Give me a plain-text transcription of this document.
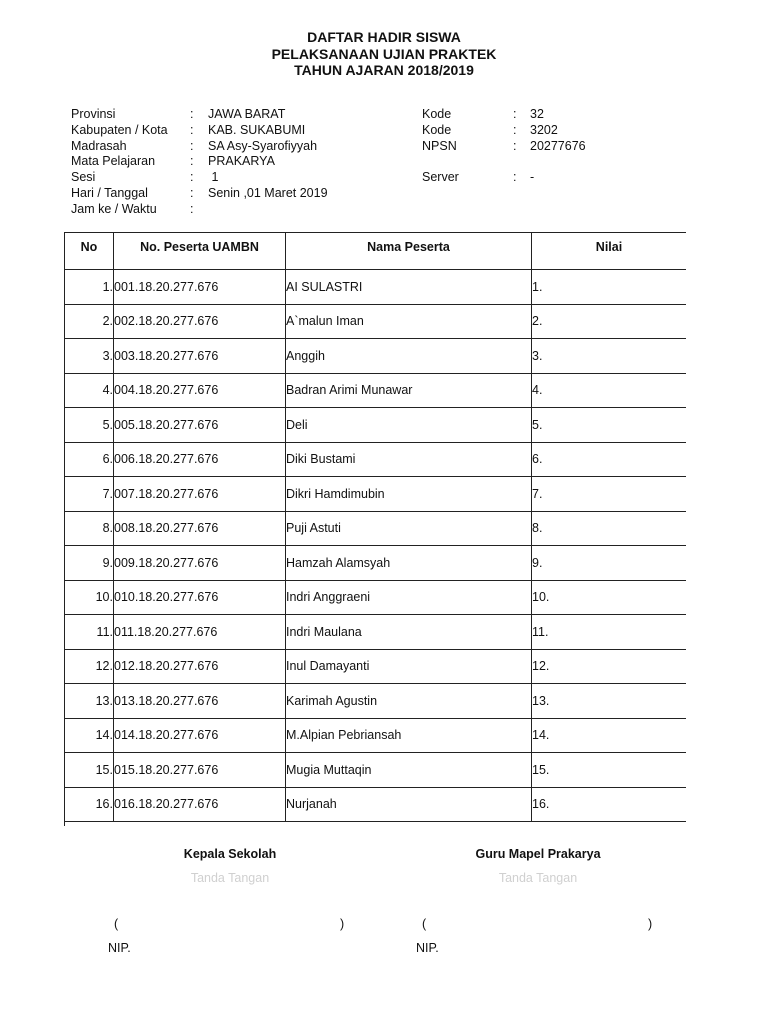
DAFTAR HADIR SISWA

PELAKSANAAN UJIAN PRAKTEK

TAHUN AJARAN 2018/2019

Provinsi	: JAWA BARAT
Kabupaten / Kota : KAB. SUKABUMI
Madrasah	: SA Asy-Syarofiyyah
Mata Pelajaran	: PRAKARYA
Sesi	: 1
Hari / Tanggal	: Senin ,01 Maret 2019
Jam ke / Waktu	:
Kode	: 32
Kode	: 3202
NPSN	: 20277676
Server	: -
No	No. Peserta UAMBN	Nama Peserta	Nilai
1.	001.18.20.277.676	AI SULASTRI	1.
2.	002.18.20.277.676	A`malun Iman	2.
3.	003.18.20.277.676	Anggih	3.
4.	004.18.20.277.676	Badran Arimi Munawar	4.
5.	005.18.20.277.676	Deli	5.
6.	006.18.20.277.676	Diki Bustami	6.
7.	007.18.20.277.676	Dikri Hamdimubin	7.
8.	008.18.20.277.676	Puji Astuti	8.
9.	009.18.20.277.676	Hamzah Alamsyah	9.
10.	010.18.20.277.676	Indri Anggraeni	10.
11.	011.18.20.277.676	Indri Maulana	11.
12.	012.18.20.277.676	Inul Damayanti	12.
13.	013.18.20.277.676	Karimah Agustin	13.
14.	014.18.20.277.676	M.Alpian Pebriansah	14.
15.	015.18.20.277.676	Mugia Muttaqin	15.
16.	016.18.20.277.676	Nurjanah	16.
Kepala Sekolah
Tanda Tangan
(	)
NIP.
Guru Mapel Prakarya
Tanda Tangan
(	)
NIP.
